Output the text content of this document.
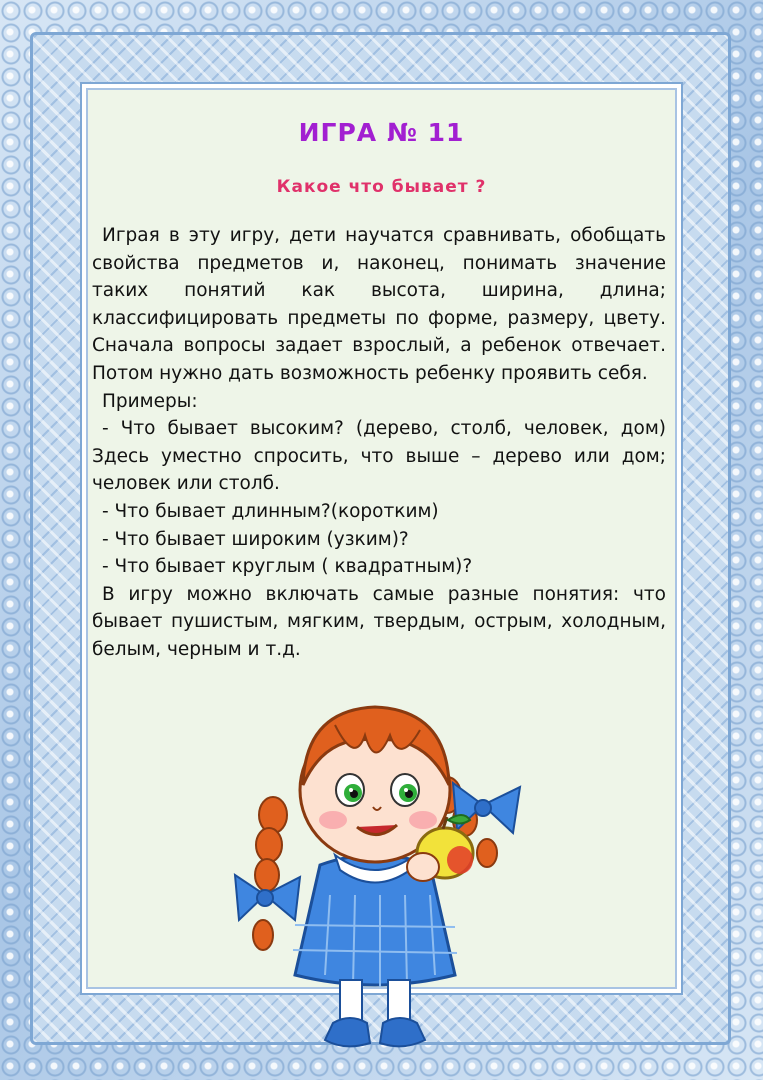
ИГРА № 11
Какое что бывает ?

Играя в эту игру, дети научатся сравнивать, обобщать свойства предметов и, наконец, понимать значение таких понятий как высота, ширина, длина; классифицировать предметы по форме, размеру, цвету. Сначала вопросы задает взрослый, а ребенок отвечает. Потом нужно дать возможность ребенку проявить себя.

Примеры:

- Что бывает высоким? (дерево, столб, человек, дом) Здесь уместно спросить, что выше – дерево или дом; человек или столб.

- Что бывает длинным?(коротким)

- Что бывает широким (узким)?

- Что бывает круглым ( квадратным)?

В игру можно включать самые разные понятия: что бывает пушистым, мягким, твердым, острым, холодным, белым, черным и т.д.
